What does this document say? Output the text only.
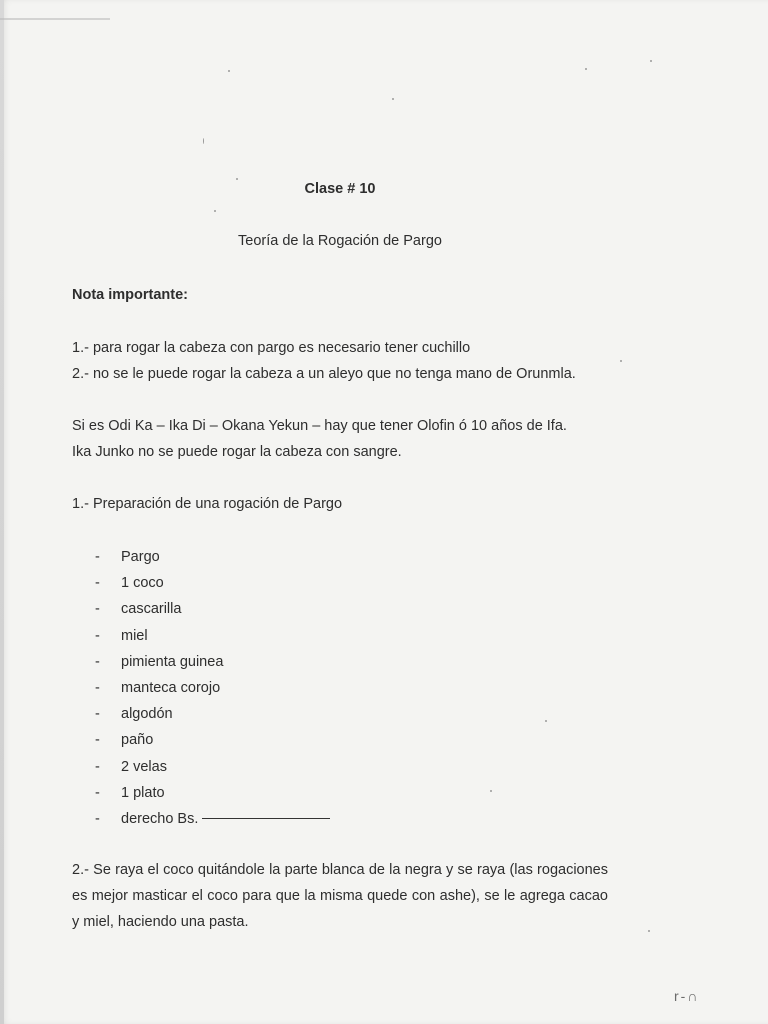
Clase # 10
Teoría de la Rogación de Pargo
Nota importante:
1.- para rogar la cabeza con pargo es necesario tener cuchillo
2.- no se le puede rogar la cabeza a un aleyo que no tenga mano de Orunmla.
Si es Odi Ka – Ika Di – Okana Yekun – hay que tener Olofin ó 10 años de Ifa.
Ika Junko no se puede rogar la cabeza con sangre.
1.- Preparación de una rogación de Pargo
-	Pargo
-	1 coco
-	cascarilla
-	miel
-	pimienta guinea
-	manteca corojo
-	algodón
-	paño
-	2 velas
-	1 plato
-	derecho Bs.
2.- Se raya el coco quitándole la parte blanca de la negra y se raya (las rogaciones es mejor masticar el coco para que la misma quede con ashe), se le agrega cacao y miel, haciendo una pasta.
r-∩
